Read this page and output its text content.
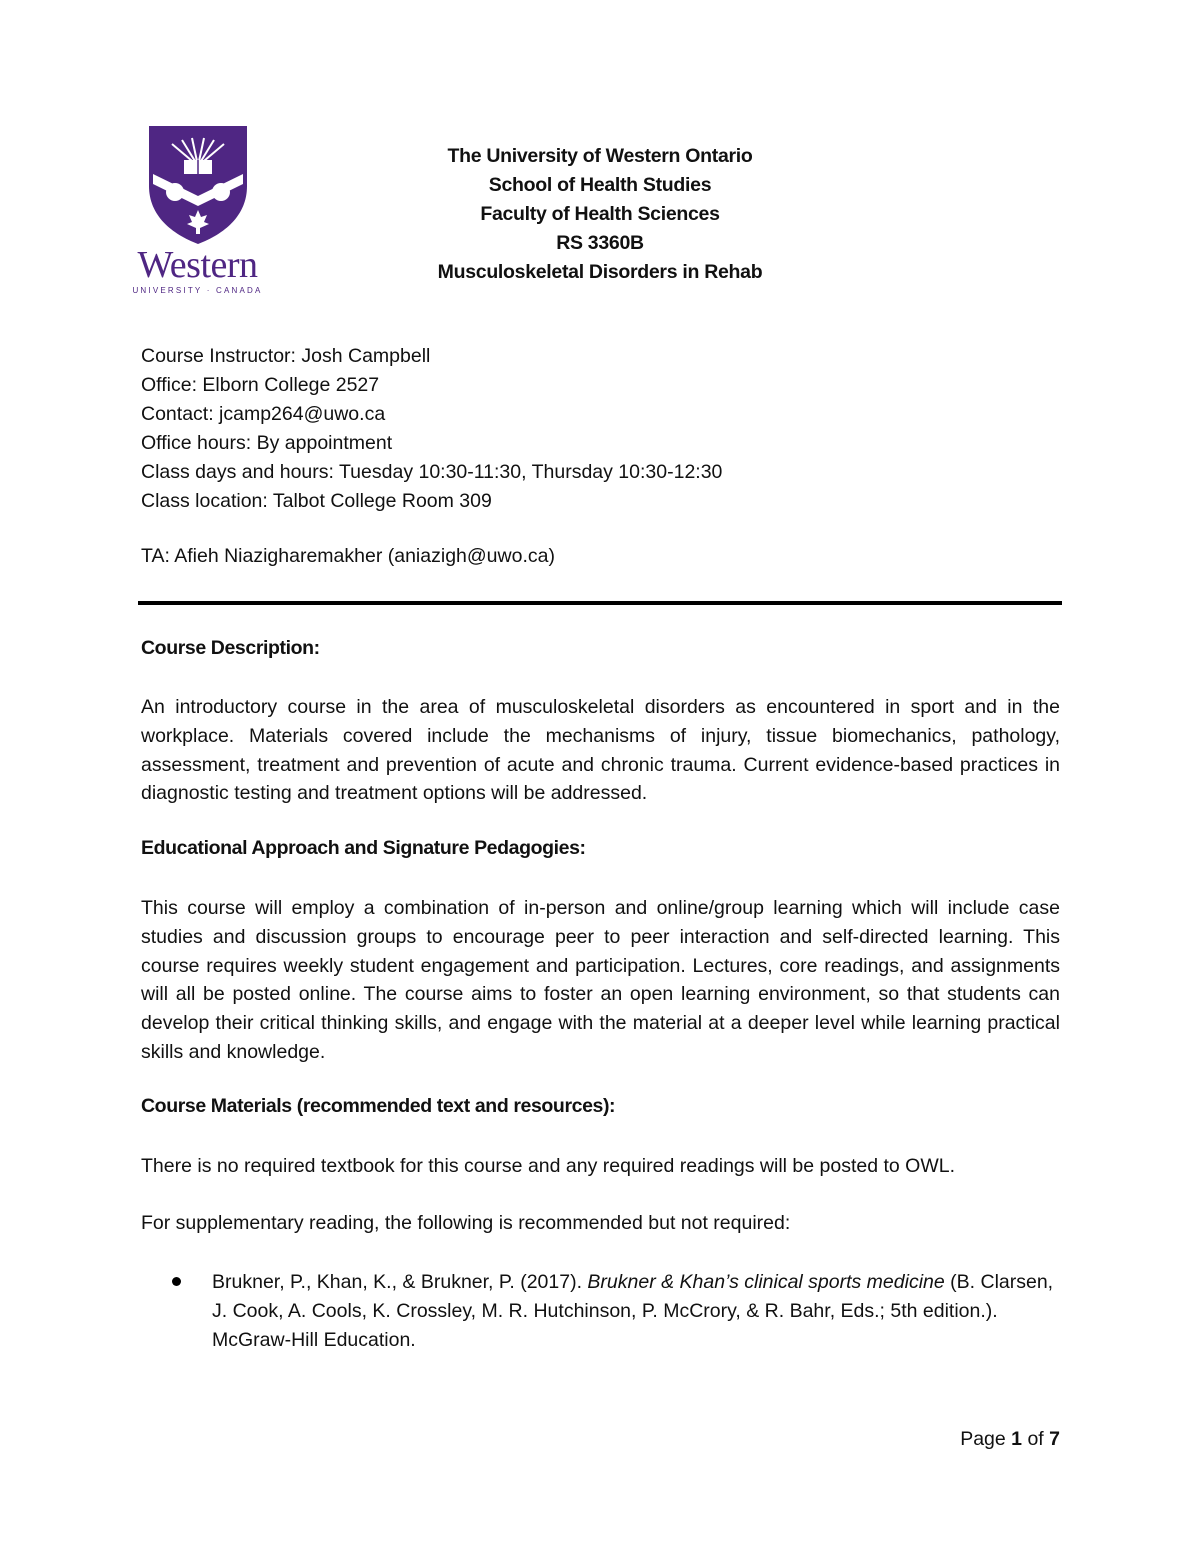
Western
UNIVERSITY · CANADA
The University of Western Ontario
School of Health Studies
Faculty of Health Sciences
RS 3360B
Musculoskeletal Disorders in Rehab
Course Instructor: Josh Campbell
Office: Elborn College 2527
Contact: jcamp264@uwo.ca
Office hours: By appointment
Class days and hours: Tuesday 10:30-11:30, Thursday 10:30-12:30
Class location: Talbot College Room 309
TA: Afieh Niazigharemakher (aniazigh@uwo.ca)
Course Description:
An introductory course in the area of musculoskeletal disorders as encountered in sport and in the workplace. Materials covered include the mechanisms of injury, tissue biomechanics, pathology, assessment, treatment and prevention of acute and chronic trauma. Current evidence-based practices in diagnostic testing and treatment options will be addressed.
Educational Approach and Signature Pedagogies:
This course will employ a combination of in-person and online/group learning which will include case studies and discussion groups to encourage peer to peer interaction and self-directed learning. This course requires weekly student engagement and participation. Lectures, core readings, and assignments will all be posted online. The course aims to foster an open learning environment, so that students can develop their critical thinking skills, and engage with the material at a deeper level while learning practical skills and knowledge.
Course Materials (recommended text and resources):
There is no required textbook for this course and any required readings will be posted to OWL.
For supplementary reading, the following is recommended but not required:
Brukner, P., Khan, K., & Brukner, P. (2017). Brukner & Khan’s clinical sports medicine (B. Clarsen, J. Cook, A. Cools, K. Crossley, M. R. Hutchinson, P. McCrory, & R. Bahr, Eds.; 5th edition.). McGraw-Hill Education.
Page 1 of 7
